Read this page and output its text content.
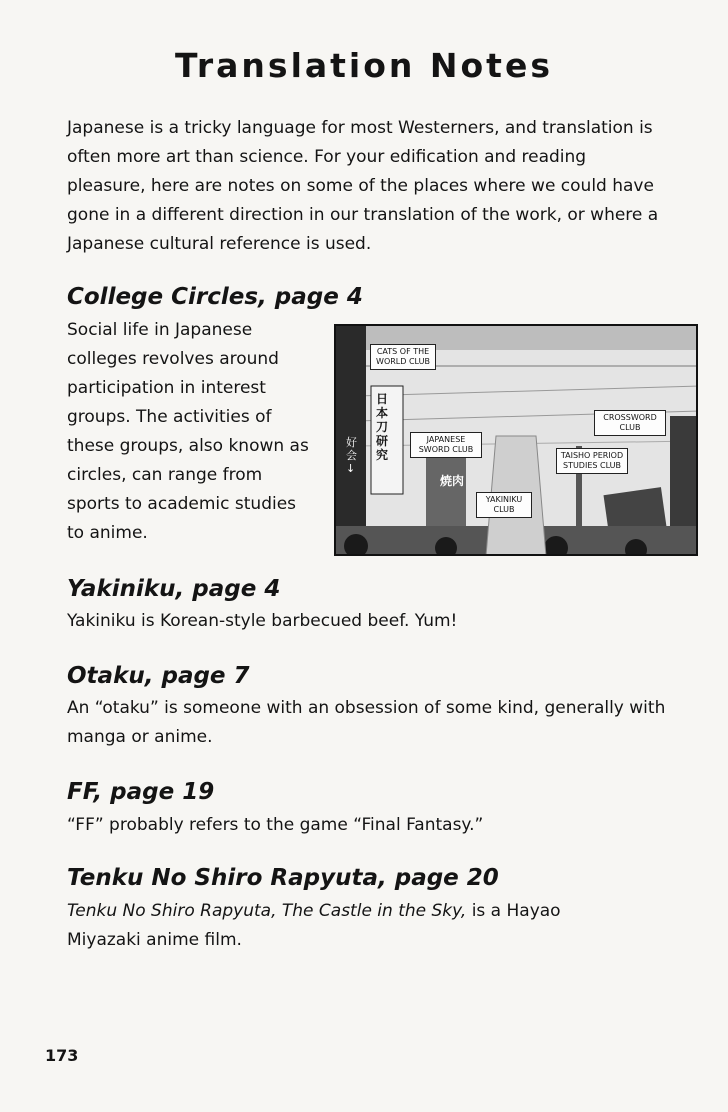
Translation Notes

Japanese is a tricky language for most Westerners, and translation is often more art than science. For your edification and reading pleasure, here are notes on some of the places where we could have gone in a different direction in our translation of the work, or where a Japanese cultural reference is used.

College Circles, page 4

Social life in Japanese colleges revolves around participation in interest groups. The activities of these groups, also known as circles, can range from sports to academic studies to anime.

CATS OF THE WORLD CLUB
CROSSWORD CLUB
JAPANESE SWORD CLUB
TAISHO PERIOD STUDIES CLUB
YAKINIKU CLUB
日本刀研究
好会↓
焼肉
Yakiniku, page 4

Yakiniku is Korean-style barbecued beef. Yum!

Otaku, page 7

An “otaku” is someone with an obsession of some kind, generally with manga or anime.

FF, page 19

“FF” probably refers to the game “Final Fantasy.”

Tenku No Shiro Rapyuta, page 20

Tenku No Shiro Rapyuta, The Castle in the Sky, is a Hayao Miyazaki anime film.

173
